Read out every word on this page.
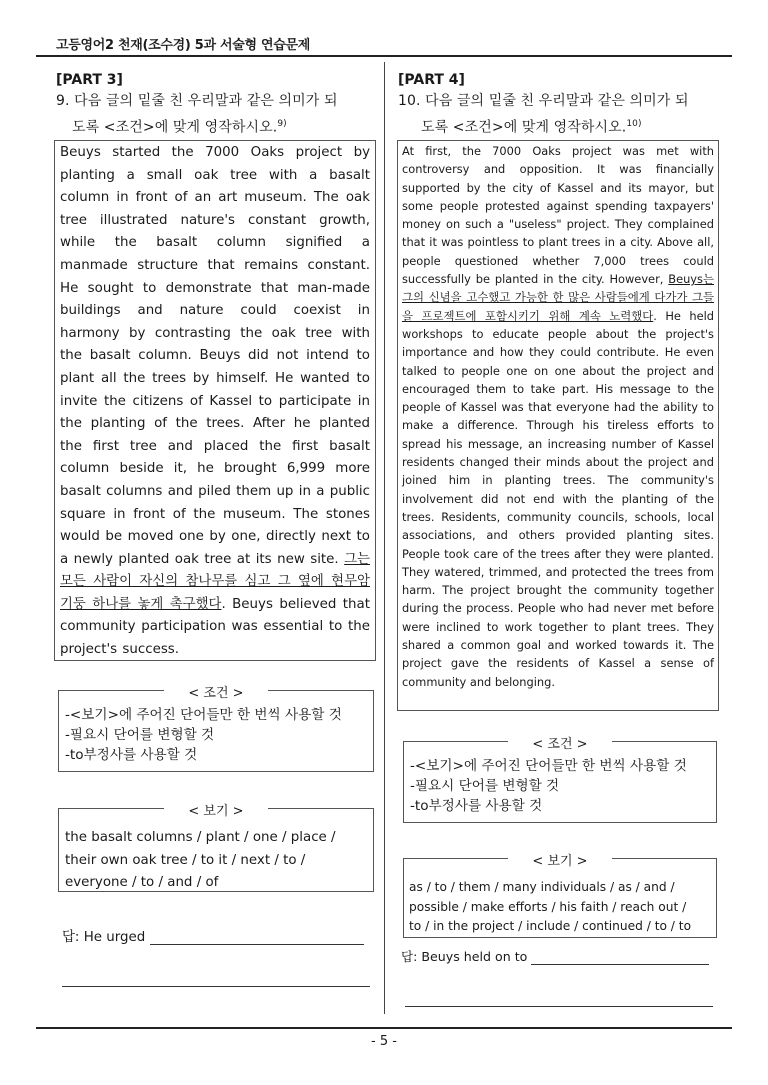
고등영어2 천재(조수경) 5과 서술형 연습문제
[PART 3]
9. 다음 글의 밑줄 친 우리말과 같은 의미가 되
도록 <조건>에 맞게 영작하시오.$^{9)}$
Beuys started the 7000 Oaks project by planting a small oak tree with a basalt column in front of an art museum. The oak tree illustrated nature's constant growth, while the basalt column signified a manmade structure that remains constant. He sought to demonstrate that man-made buildings and nature could coexist in harmony by contrasting the oak tree with the basalt column. Beuys did not intend to plant all the trees by himself. He wanted to invite the citizens of Kassel to participate in the planting of the trees. After he planted the first tree and placed the first basalt column beside it, he brought 6,999 more basalt columns and piled them up in a public square in front of the museum. The stones would be moved one by one, directly next to a newly planted oak tree at its new site. 그는 모든 사람이 자신의 참나무를 심고 그 옆에 현무암 기둥 하나를 놓게 촉구했다. Beuys believed that community participation was essential to the project's success.
< 조건 >
-<보기>에 주어진 단어들만 한 번씩 사용할 것
-필요시 단어를 변형할 것
-to부정사를 사용할 것
< 보기 >
the basalt columns / plant / one / place /
their own oak tree / to it / next / to /
everyone / to / and / of
답: He urged
[PART 4]
10. 다음 글의 밑줄 친 우리말과 같은 의미가 되
도록 <조건>에 맞게 영작하시오.$^{10)}$
At first, the 7000 Oaks project was met with controversy and opposition. It was financially supported by the city of Kassel and its mayor, but some people protested against spending taxpayers' money on such a "useless" project. They complained that it was pointless to plant trees in a city. Above all, people questioned whether 7,000 trees could successfully be planted in the city. However, Beuys는 그의 신념을 고수했고 가능한 한 많은 사람들에게 다가가 그들을 프로젝트에 포함시키기 위해 계속 노력했다. He held workshops to educate people about the project's importance and how they could contribute. He even talked to people one on one about the project and encouraged them to take part. His message to the people of Kassel was that everyone had the ability to make a difference. Through his tireless efforts to spread his message, an increasing number of Kassel residents changed their minds about the project and joined him in planting trees. The community's involvement did not end with the planting of the trees. Residents, community councils, schools, local associations, and others provided planting sites. People took care of the trees after they were planted. They watered, trimmed, and protected the trees from harm. The project brought the community together during the process. People who had never met before were inclined to work together to plant trees. They shared a common goal and worked towards it. The project gave the residents of Kassel a sense of community and belonging.
< 조건 >
-<보기>에 주어진 단어들만 한 번씩 사용할 것
-필요시 단어를 변형할 것
-to부정사를 사용할 것
< 보기 >
as / to / them / many individuals / as / and /
possible / make efforts / his faith / reach out /
to / in the project / include / continued / to / to
답: Beuys held on to
- 5 -
